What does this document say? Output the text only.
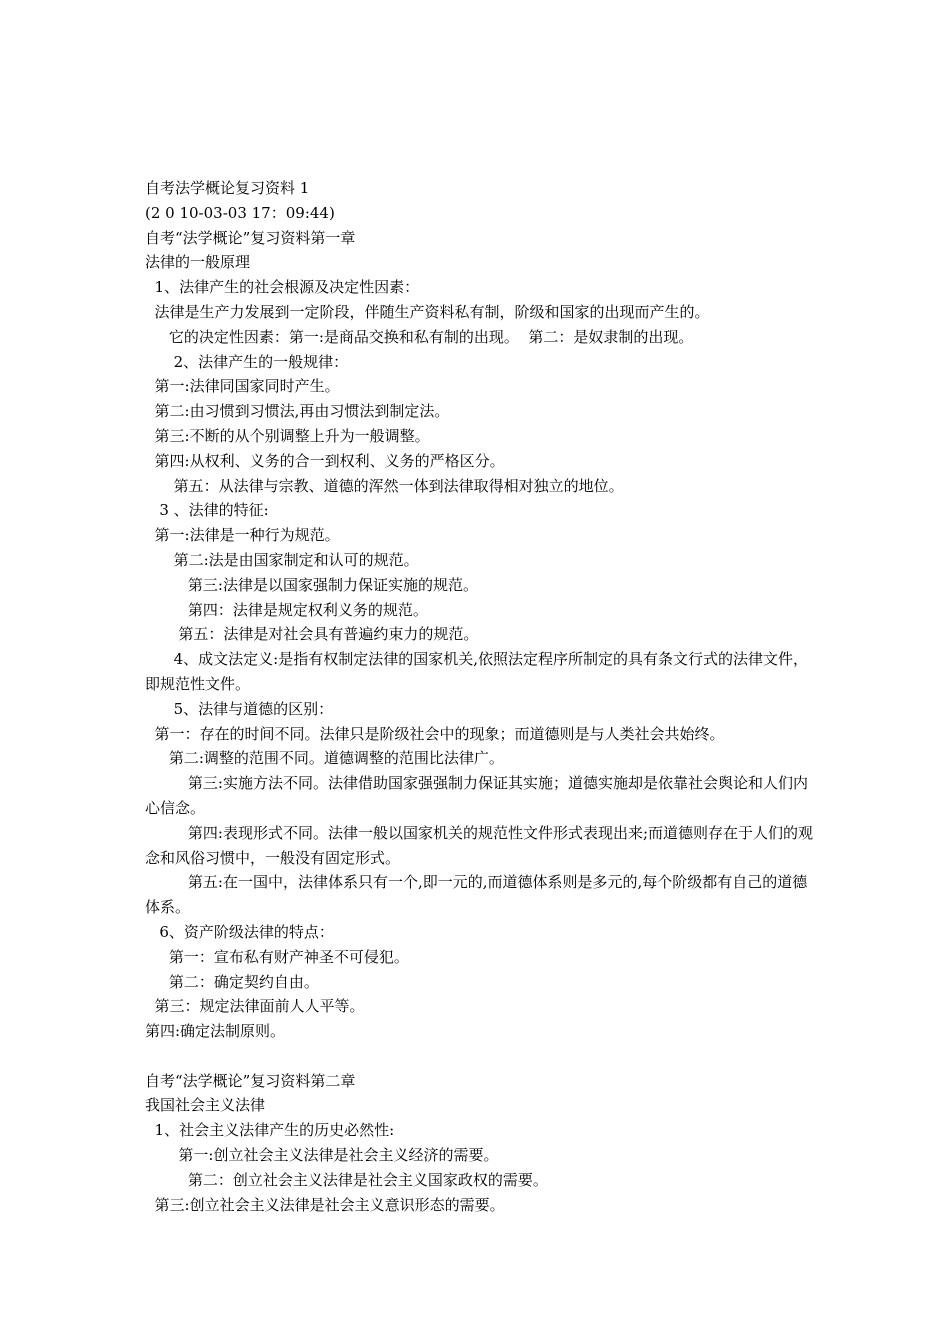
自考法学概论复习资料 1

(2 0 10-03-03 17：09:44)

自考“法学概论”复习资料第一章

法律的一般原理

1、法律产生的社会根源及决定性因素：

法律是生产力发展到一定阶段，伴随生产资料私有制，阶级和国家的出现而产生的。

它的决定性因素：第一:是商品交换和私有制的出现。  第二：是奴隶制的出现。

2、法律产生的一般规律：

第一:法律同国家同时产生。

第二:由习惯到习惯法,再由习惯法到制定法。

第三:不断的从个别调整上升为一般调整。

第四:从权利、义务的合一到权利、义务的严格区分。

第五：从法律与宗教、道德的浑然一体到法律取得相对独立的地位。

3 、法律的特征:

第一:法律是一种行为规范。

第二:法是由国家制定和认可的规范。

第三:法律是以国家强制力保证实施的规范。

第四：法律是规定权利义务的规范。

第五：法律是对社会具有普遍约束力的规范。

4、成文法定义:是指有权制定法律的国家机关,依照法定程序所制定的具有条文行式的法律文件，即规范性文件。

5、法律与道德的区别：

第一：存在的时间不同。法律只是阶级社会中的现象；而道德则是与人类社会共始终。

第二:调整的范围不同。道德调整的范围比法律广。

第三:实施方法不同。法律借助国家强强制力保证其实施；道德实施却是依靠社会舆论和人们内心信念。

第四:表现形式不同。法律一般以国家机关的规范性文件形式表现出来;而道德则存在于人们的观念和风俗习惯中，一般没有固定形式。

第五:在一国中，法律体系只有一个,即一元的,而道德体系则是多元的,每个阶级都有自己的道德体系。

6、资产阶级法律的特点：

第一：宣布私有财产神圣不可侵犯。

第二：确定契约自由。

第三：规定法律面前人人平等。

第四:确定法制原则。

自考“法学概论”复习资料第二章

我国社会主义法律

1、社会主义法律产生的历史必然性:

第一:创立社会主义法律是社会主义经济的需要。

第二：创立社会主义法律是社会主义国家政权的需要。

第三:创立社会主义法律是社会主义意识形态的需要。
